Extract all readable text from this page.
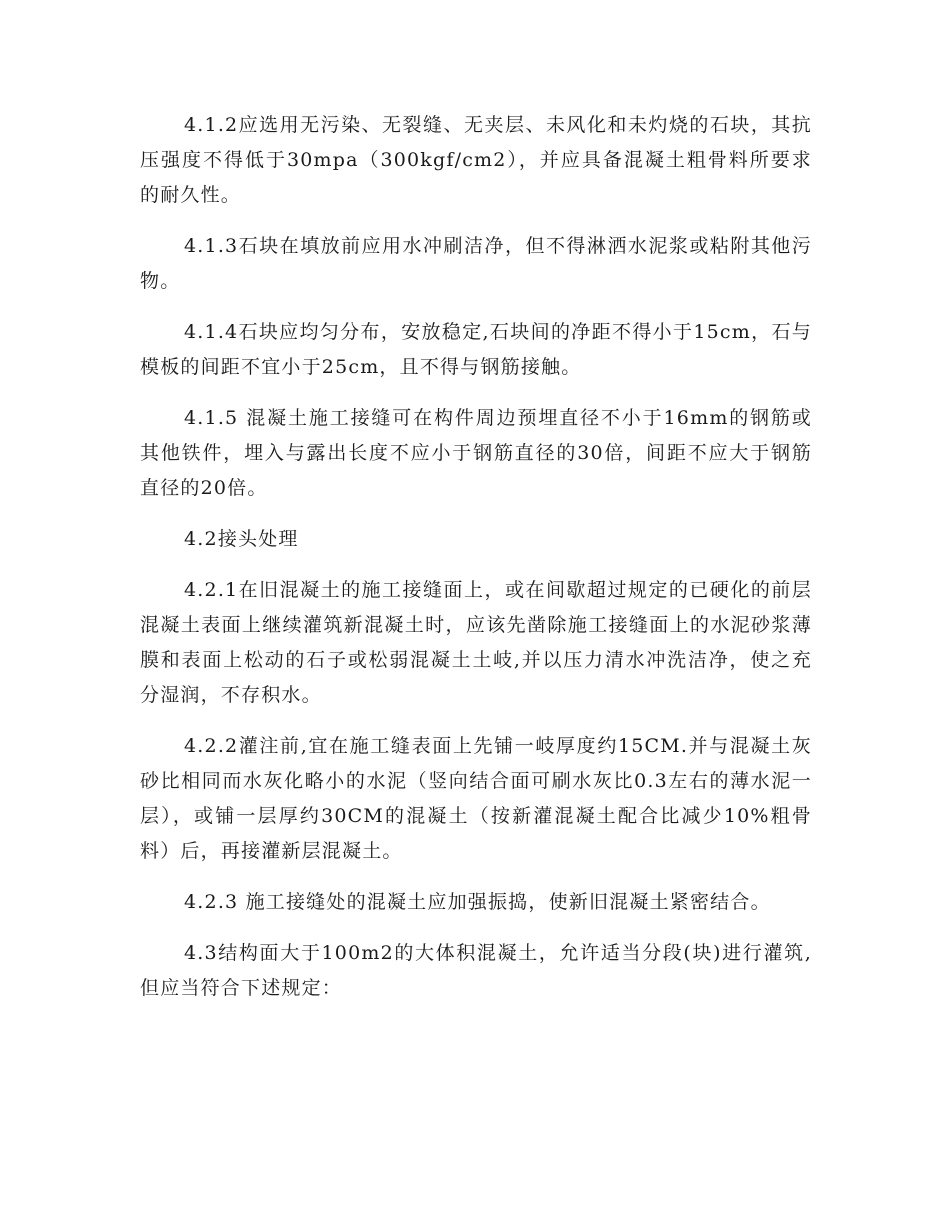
4.1.2应选用无污染、无裂缝、无夹层、未风化和未灼烧的石块，其抗压强度不得低于30mpa（300kgf/cm2），并应具备混凝土粗骨料所要求的耐久性。

4.1.3石块在填放前应用水冲刷洁净，但不得淋洒水泥浆或粘附其他污物。

4.1.4石块应均匀分布，安放稳定,石块间的净距不得小于15cm，石与模板的间距不宜小于25cm，且不得与钢筋接触。

4.1.5 混凝土施工接缝可在构件周边预埋直径不小于16mm的钢筋或其他铁件，埋入与露出长度不应小于钢筋直径的30倍，间距不应大于钢筋直径的20倍。

4.2接头处理

4.2.1在旧混凝土的施工接缝面上，或在间歇超过规定的已硬化的前层混凝土表面上继续灌筑新混凝土时，应该先凿除施工接缝面上的水泥砂浆薄膜和表面上松动的石子或松弱混凝土土岐,并以压力清水冲洗洁净，使之充分湿润，不存积水。

4.2.2灌注前,宜在施工缝表面上先铺一岐厚度约15CM.并与混凝土灰砂比相同而水灰化略小的水泥（竖向结合面可刷水灰比0.3左右的薄水泥一层），或铺一层厚约30CM的混凝土（按新灌混凝土配合比减少10%粗骨料）后，再接灌新层混凝土。

4.2.3 施工接缝处的混凝土应加强振捣，使新旧混凝土紧密结合。

4.3结构面大于100m2的大体积混凝土，允许适当分段(块)进行灌筑,但应当符合下述规定：
